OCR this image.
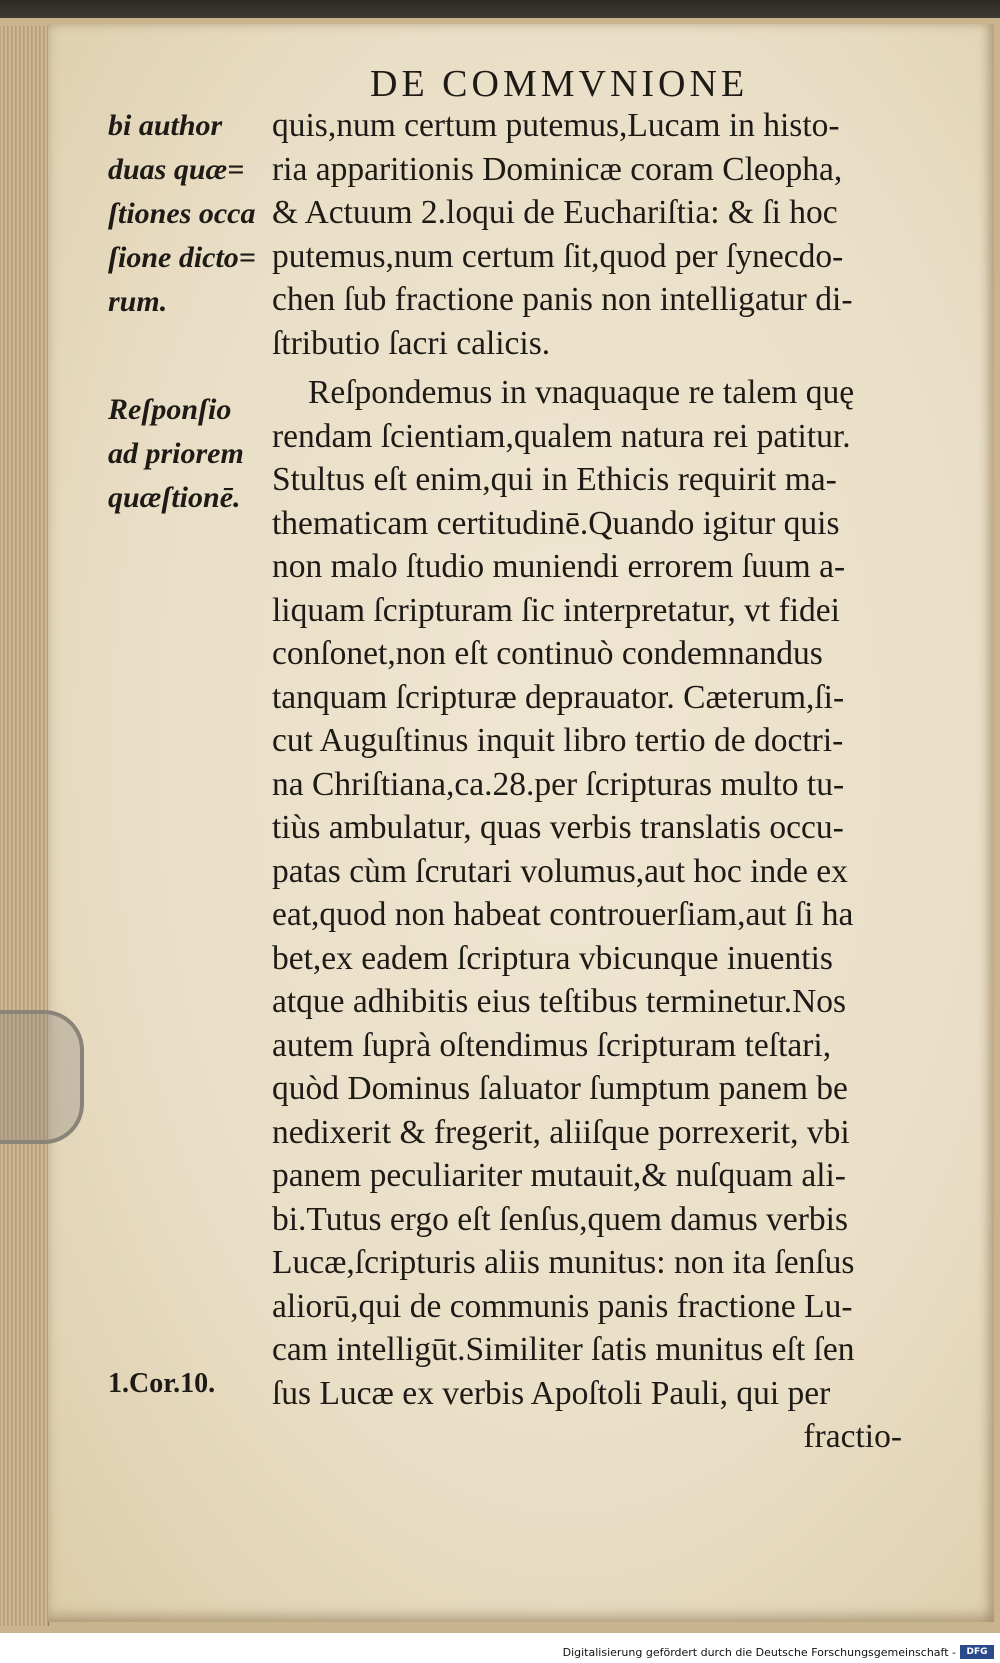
DE COMMVNIONE
bi author
duas quæ=
ſtiones occa
ſione dicto=
rum.
Reſponſio
ad priorem
quæſtionē.
1.Cor.10.
quis,num certum putemus,Lucam in histo-
ria apparitionis Dominicæ coram Cleopha,
& Actuum 2.loqui de Euchariſtia: & ſi hoc
putemus,num certum ſit,quod per ſynecdo-
chen ſub fractione panis non intelligatur di-
ſtributio ſacri calicis.
Reſpondemus in vnaquaque re talem quę
rendam ſcientiam,qualem natura rei patitur.
Stultus eſt enim,qui in Ethicis requirit ma-
thematicam certitudinē.Quando igitur quis
non malo ſtudio muniendi errorem ſuum a-
liquam ſcripturam ſic interpretatur, vt fidei
conſonet,non eſt continuò condemnandus
tanquam ſcripturæ deprauator. Cæterum,ſi-
cut Auguſtinus inquit libro tertio de doctri-
na Chriſtiana,ca.28.per ſcripturas multo tu-
tiùs ambulatur, quas verbis translatis occu-
patas cùm ſcrutari volumus,aut hoc inde ex
eat,quod non habeat controuerſiam,aut ſi ha
bet,ex eadem ſcriptura vbicunque inuentis
atque adhibitis eius teſtibus terminetur.Nos
autem ſuprà oſtendimus ſcripturam teſtari,
quòd Dominus ſaluator ſumptum panem be
nedixerit & fregerit, aliiſque porrexerit, vbi
panem peculiariter mutauit,& nuſquam ali-
bi.Tutus ergo eſt ſenſus,quem damus verbis
Lucæ,ſcripturis aliis munitus: non ita ſenſus
aliorū,qui de communis panis fractione Lu-
cam intelligūt.Similiter ſatis munitus eſt ſen
ſus Lucæ ex verbis Apoſtoli Pauli, qui per
fractio-
Digitalisierung gefördert durch die Deutsche Forschungsgemeinschaft -	DFG
